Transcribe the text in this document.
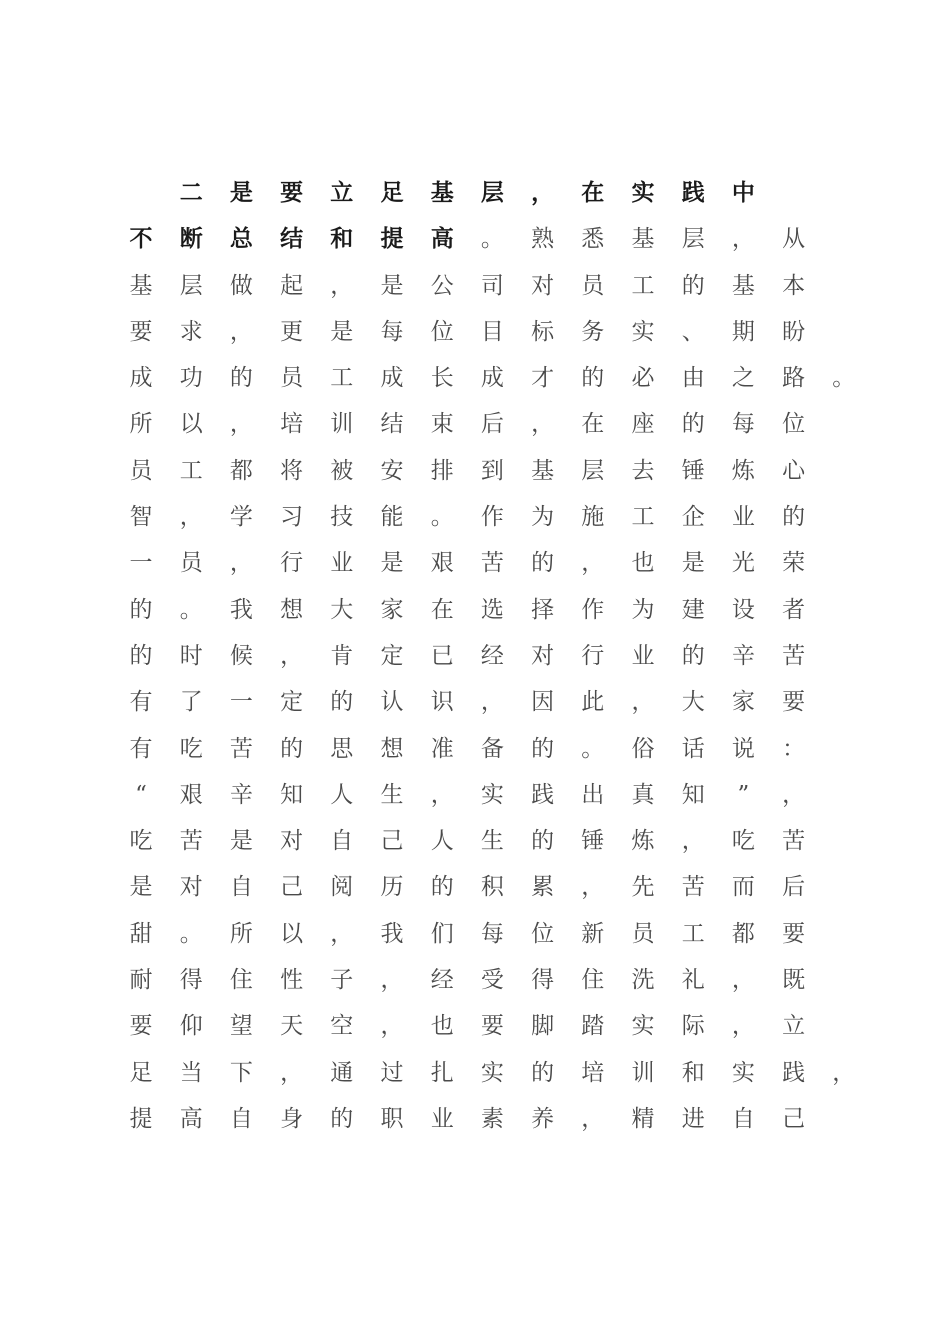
二	是	要	立	足	基	层	，	在	实	践	中
不	断	总	结	和	提	高	。	熟	悉	基	层	，	从
基	层	做	起	，	是	公	司	对	员	工	的	基	本
要	求	，	更	是	每	位	目	标	务	实	、	期	盼
成	功	的	员	工	成	长	成	才	的	必	由	之	路	。
所	以	，	培	训	结	束	后	，	在	座	的	每	位
员	工	都	将	被	安	排	到	基	层	去	锤	炼	心
智	，	学	习	技	能	。	作	为	施	工	企	业	的
一	员	，	行	业	是	艰	苦	的	，	也	是	光	荣
的	。	我	想	大	家	在	选	择	作	为	建	设	者
的	时	候	，	肯	定	已	经	对	行	业	的	辛	苦
有	了	一	定	的	认	识	，	因	此	，	大	家	要
有	吃	苦	的	思	想	准	备	的	。	俗	话	说	：
“	艰	辛	知	人	生	，	实	践	出	真	知	”	，
吃	苦	是	对	自	己	人	生	的	锤	炼	，	吃	苦
是	对	自	己	阅	历	的	积	累	，	先	苦	而	后
甜	。	所	以	，	我	们	每	位	新	员	工	都	要
耐	得	住	性	子	，	经	受	得	住	洗	礼	，	既
要	仰	望	天	空	，	也	要	脚	踏	实	际	，	立
足	当	下	，	通	过	扎	实	的	培	训	和	实	践	，
提	高	自	身	的	职	业	素	养	，	精	进	自	己
